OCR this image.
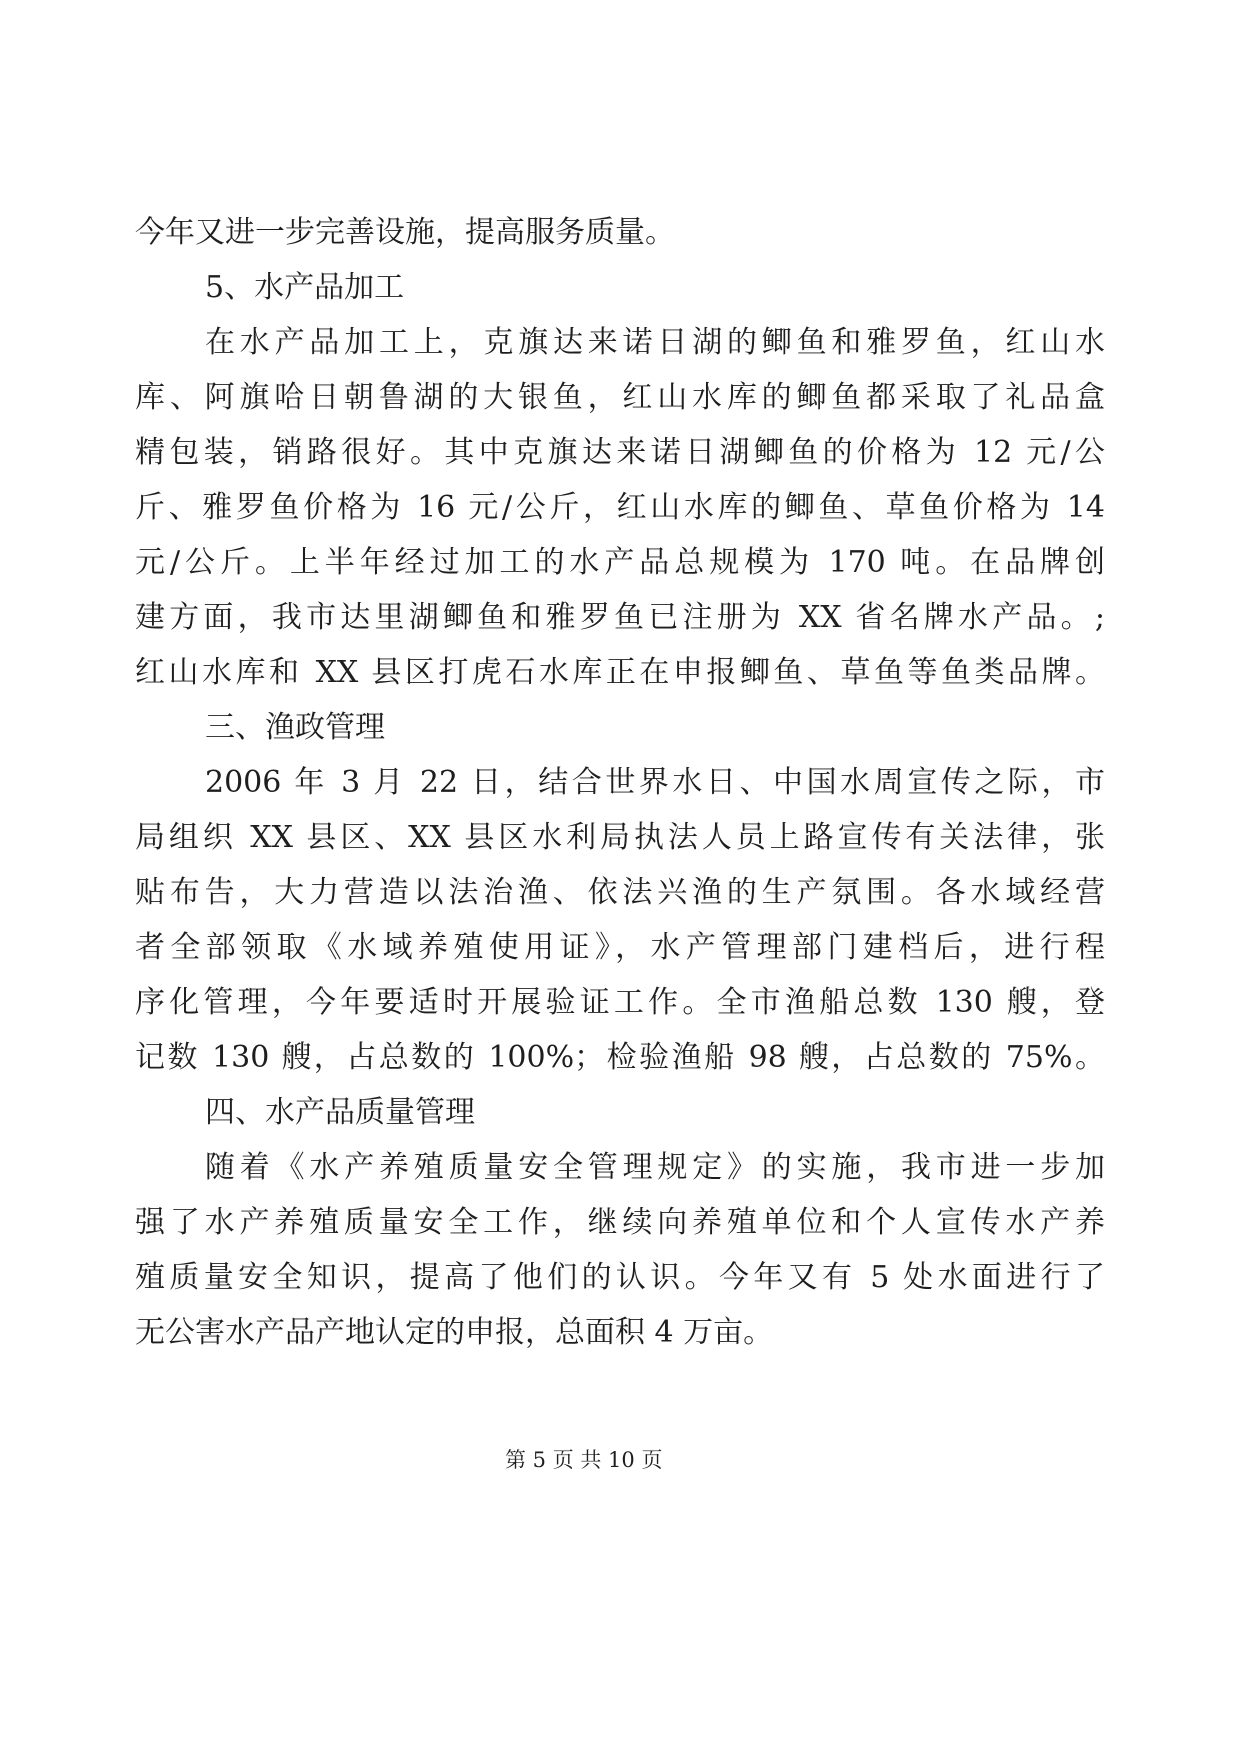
今年又进一步完善设施，提高服务质量。
5、水产品加工
在水产品加工上，克旗达来诺日湖的鲫鱼和雅罗鱼，红山水
库、阿旗哈日朝鲁湖的大银鱼，红山水库的鲫鱼都采取了礼品盒
精包装，销路很好。其中克旗达来诺日湖鲫鱼的价格为 12 元/公
斤、雅罗鱼价格为 16 元/公斤，红山水库的鲫鱼、草鱼价格为 14
元/公斤。上半年经过加工的水产品总规模为 170 吨。在品牌创
建方面，我市达里湖鲫鱼和雅罗鱼已注册为 XX 省名牌水产品。;
红山水库和 XX 县区打虎石水库正在申报鲫鱼、草鱼等鱼类品牌。
三、渔政管理
2006 年 3 月 22 日，结合世界水日、中国水周宣传之际，市
局组织 XX 县区、XX 县区水利局执法人员上路宣传有关法律，张
贴布告，大力营造以法治渔、依法兴渔的生产氛围。各水域经营
者全部领取《水域养殖使用证》，水产管理部门建档后，进行程
序化管理，今年要适时开展验证工作。全市渔船总数 130 艘，登
记数 130 艘，占总数的 100%；检验渔船 98 艘，占总数的 75%。
四、水产品质量管理
随着《水产养殖质量安全管理规定》的实施，我市进一步加
强了水产养殖质量安全工作，继续向养殖单位和个人宣传水产养
殖质量安全知识，提高了他们的认识。今年又有 5 处水面进行了
无公害水产品产地认定的申报，总面积 4 万亩。
第 5 页 共 10 页
